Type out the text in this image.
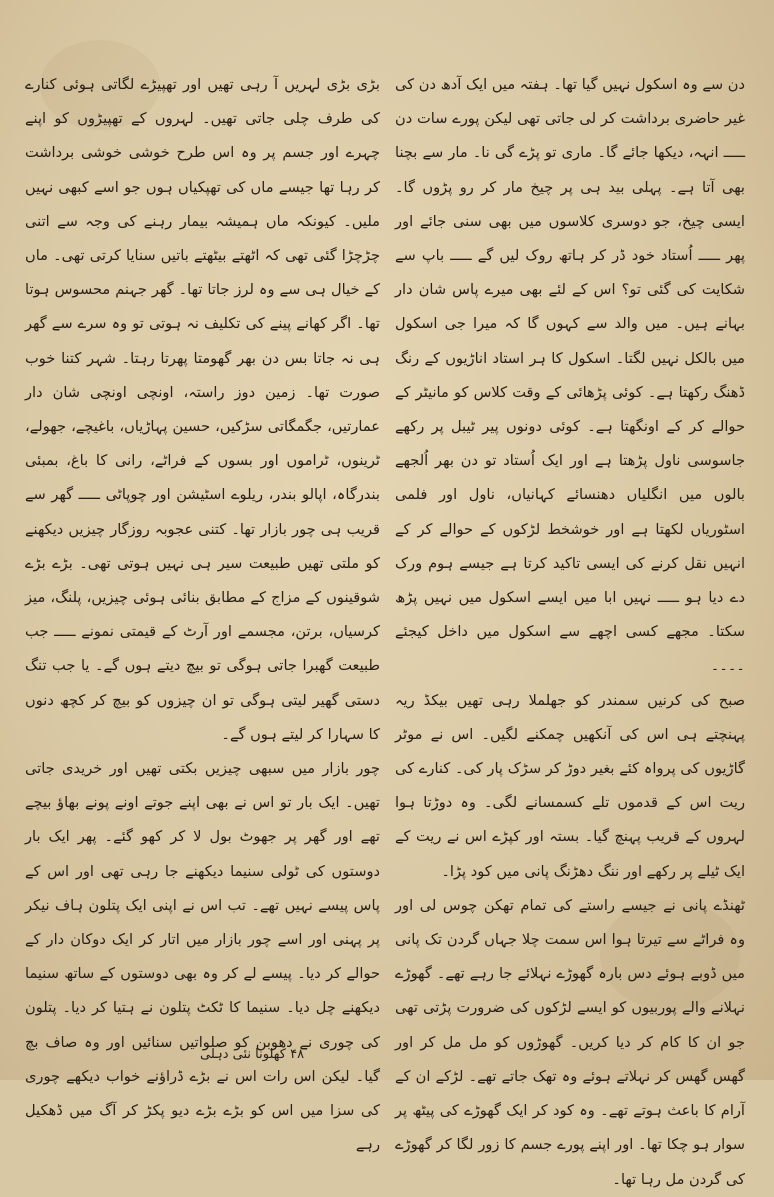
دن سے وہ اسکول نہیں گیا تھا۔ ہفتہ میں ایک آدھ دن کی غیر حاضری برداشت کر لی جاتی تھی لیکن پورے سات دن ـــــ انہہ، دیکھا جائے گا۔ ماری تو پڑے گی نا۔ مار سے بچنا بھی آتا ہے۔ پہلی بید ہی پر چیخ مار کر رو پڑوں گا۔ ایسی چیخ، جو دوسری کلاسوں میں بھی سنی جائے اور پھر ـــــ اُستاد خود ڈر کر ہاتھ روک لیں گے ـــــ باپ سے شکایت کی گئی تو؟ اس کے لئے بھی میرے پاس شان دار بہانے ہیں۔ میں والد سے کہوں گا کہ میرا جی اسکول میں بالکل نہیں لگتا۔ اسکول کا ہر استاد اناڑیوں کے رنگ ڈھنگ رکھتا ہے۔ کوئی پڑھائی کے وقت کلاس کو مانیٹر کے حوالے کر کے اونگھتا ہے۔ کوئی دونوں پیر ٹیبل پر رکھے جاسوسی ناول پڑھتا ہے اور ایک اُستاد تو دن بھر اُلجھے بالوں میں انگلیاں دھنسائے کہانیاں، ناول اور فلمی اسٹوریاں لکھتا ہے اور خوشخط لڑکوں کے حوالے کر کے انہیں نقل کرنے کی ایسی تاکید کرتا ہے جیسے ہوم ورک دے دیا ہو ـــــ نہیں ابا میں ایسے اسکول میں نہیں پڑھ سکتا۔ مجھے کسی اچھے سے اسکول میں داخل کیجئے ۔۔۔۔

صبح کی کرنیں سمندر کو جھلملا رہی تھیں بیکڈ ریہ پہنچتے ہی اس کی آنکھیں چمکنے لگیں۔ اس نے موٹر گاڑیوں کی پرواہ کئے بغیر دوڑ کر سڑک پار کی۔ کنارے کی ریت اس کے قدموں تلے کسمسانے لگی۔ وہ دوڑتا ہوا لہروں کے قریب پہنچ گیا۔ بستہ اور کپڑے اس نے ریت کے ایک ٹیلے پر رکھے اور ننگ دھڑنگ پانی میں کود پڑا۔

ٹھنڈے پانی نے جیسے راستے کی تمام تھکن چوس لی اور وہ فراٹے سے تیرتا ہوا اس سمت چلا جہاں گردن تک پانی میں ڈوبے ہوئے دس بارہ گھوڑے نہلائے جا رہے تھے۔ گھوڑے نہلانے والے پوربیوں کو ایسے لڑکوں کی ضرورت پڑتی تھی جو ان کا کام کر دیا کریں۔ گھوڑوں کو مل مل کر اور گھس گھس کر نہلاتے ہوئے وہ تھک جاتے تھے۔ لڑکے ان کے آرام کا باعث ہوتے تھے۔ وہ کود کر ایک گھوڑے کی پیٹھ پر سوار ہو چکا تھا۔ اور اپنے پورے جسم کا زور لگا کر گھوڑے کی گردن مل رہا تھا۔

بڑی بڑی لہریں آ رہی تھیں اور تھپیڑے لگاتی ہوئی کنارے کی طرف چلی جاتی تھیں۔ لہروں کے تھپیڑوں کو اپنے چہرے اور جسم پر وہ اس طرح خوشی خوشی برداشت کر رہا تھا جیسے ماں کی تھپکیاں ہوں جو اسے کبھی نہیں ملیں۔ کیونکہ ماں ہمیشہ بیمار رہنے کی وجہ سے اتنی چڑچڑا گئی تھی کہ اٹھتے بیٹھتے باتیں سنایا کرتی تھی۔ ماں کے خیال ہی سے وہ لرز جاتا تھا۔ گھر جہنم محسوس ہوتا تھا۔ اگر کھانے پینے کی تکلیف نہ ہوتی تو وہ سرے سے گھر ہی نہ جاتا بس دن بھر گھومتا پھرتا رہتا۔ شہر کتنا خوب صورت تھا۔ زمین دوز راستہ، اونچی اونچی شان دار عمارتیں، جگمگاتی سڑکیں، حسین پہاڑیاں، باغیچے، جھولے، ٹرینوں، ٹراموں اور بسوں کے فراٹے، رانی کا باغ، بمبئی بندرگاہ، اپالو بندر، ریلوے اسٹیشن اور چوپاٹی ـــــ گھر سے قریب ہی چور بازار تھا۔ کتنی عجوبہ روزگار چیزیں دیکھنے کو ملتی تھیں طبیعت سیر ہی نہیں ہوتی تھی۔ بڑے بڑے شوقینوں کے مزاج کے مطابق بنائی ہوئی چیزیں، پلنگ، میز کرسیاں، برتن، مجسمے اور آرٹ کے قیمتی نمونے ـــــ جب طبیعت گھبرا جاتی ہوگی تو بیچ دیتے ہوں گے۔ یا جب تنگ دستی گھیر لیتی ہوگی تو ان چیزوں کو بیچ کر کچھ دنوں کا سہارا کر لیتے ہوں گے۔

چور بازار میں سبھی چیزیں بکتی تھیں اور خریدی جاتی تھیں۔ ایک بار تو اس نے بھی اپنے جوتے اونے پونے بھاؤ بیچے تھے اور گھر پر جھوٹ بول لا کر کھو گئے۔ پھر ایک بار دوستوں کی ٹولی سنیما دیکھنے جا رہی تھی اور اس کے پاس پیسے نہیں تھے۔ تب اس نے اپنی ایک پتلون ہاف نیکر پر پہنی اور اسے چور بازار میں اتار کر ایک دوکان دار کے حوالے کر دیا۔ پیسے لے کر وہ بھی دوستوں کے ساتھ سنیما دیکھنے چل دیا۔ سنیما کا ٹکٹ پتلون نے ہتیا کر دیا۔ پتلون کی چوری نے دھوبن کو صلواتیں سنائیں اور وہ صاف بچ گیا۔ لیکن اس رات اس نے بڑے ڈراؤنے خواب دیکھے چوری کی سزا میں اس کو بڑے بڑے دیو پکڑ کر آگ میں ڈھکیل رہے

۴۸ کھلونا نئی دہلی
